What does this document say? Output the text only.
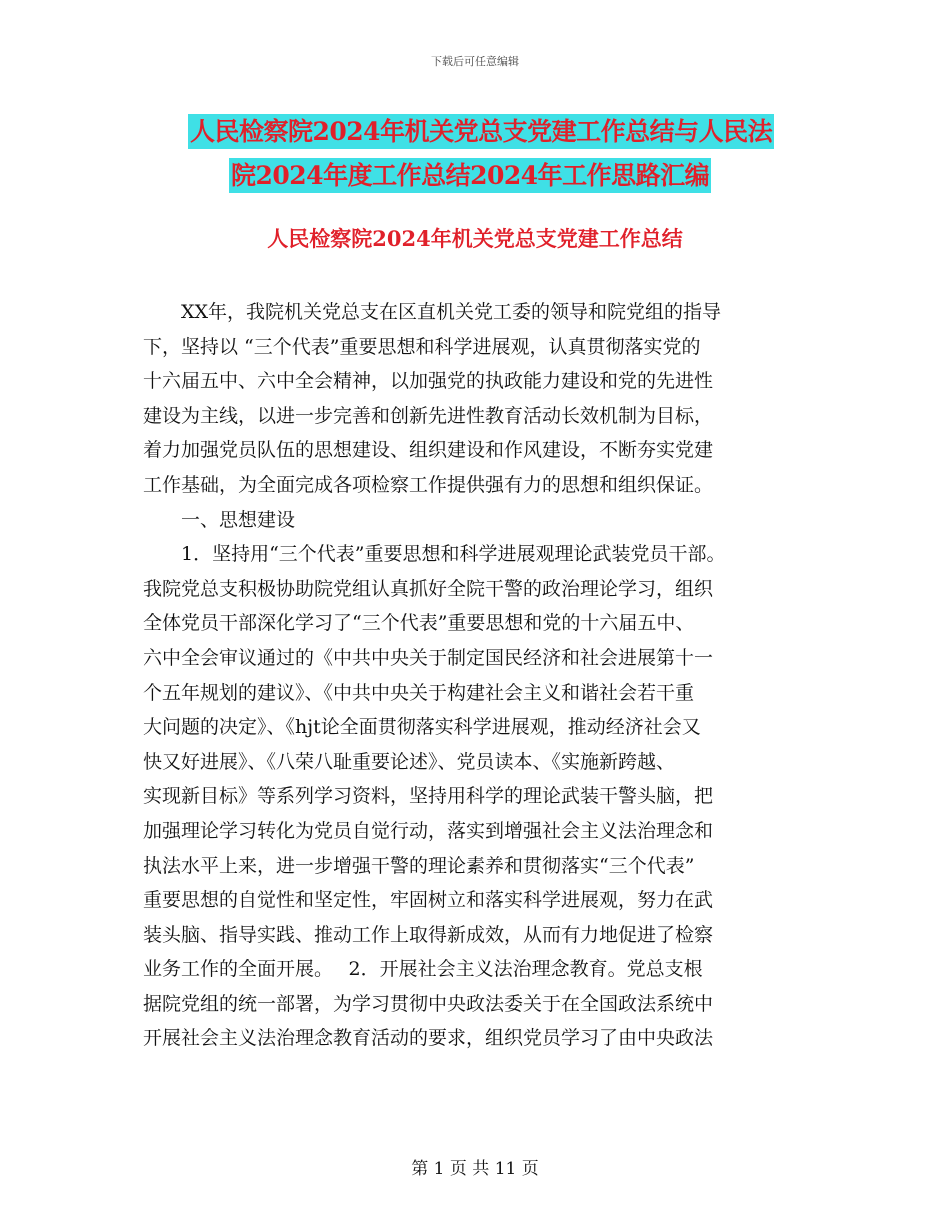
下载后可任意编辑
人民检察院2024年机关党总支党建工作总结与人民法
院2024年度工作总结2024年工作思路汇编
人民检察院2024年机关党总支党建工作总结
XX年，我院机关党总支在区直机关党工委的领导和院党组的指导
下，坚持以 “三个代表”重要思想和科学进展观，认真贯彻落实党的
十六届五中、六中全会精神，以加强党的执政能力建设和党的先进性
建设为主线，以进一步完善和创新先进性教育活动长效机制为目标，
着力加强党员队伍的思想建设、组织建设和作风建设，不断夯实党建
工作基础，为全面完成各项检察工作提供强有力的思想和组织保证。
一、思想建设
1．坚持用“三个代表”重要思想和科学进展观理论武装党员干部。
我院党总支积极协助院党组认真抓好全院干警的政治理论学习，组织
全体党员干部深化学习了“三个代表”重要思想和党的十六届五中、
六中全会审议通过的《中共中央关于制定国民经济和社会进展第十一
个五年规划的建议》、《中共中央关于构建社会主义和谐社会若干重
大问题的决定》、《hjt论全面贯彻落实科学进展观，推动经济社会又
快又好进展》、《八荣八耻重要论述》、党员读本、《实施新跨越、
实现新目标》等系列学习资料，坚持用科学的理论武装干警头脑，把
加强理论学习转化为党员自觉行动，落实到增强社会主义法治理念和
执法水平上来，进一步增强干警的理论素养和贯彻落实“三个代表”
重要思想的自觉性和坚定性，牢固树立和落实科学进展观，努力在武
装头脑、指导实践、推动工作上取得新成效，从而有力地促进了检察
业务工作的全面开展。　 2．开展社会主义法治理念教育。党总支根
据院党组的统一部署，为学习贯彻中央政法委关于在全国政法系统中
开展社会主义法治理念教育活动的要求，组织党员学习了由中央政法
第 1 页 共 11 页
